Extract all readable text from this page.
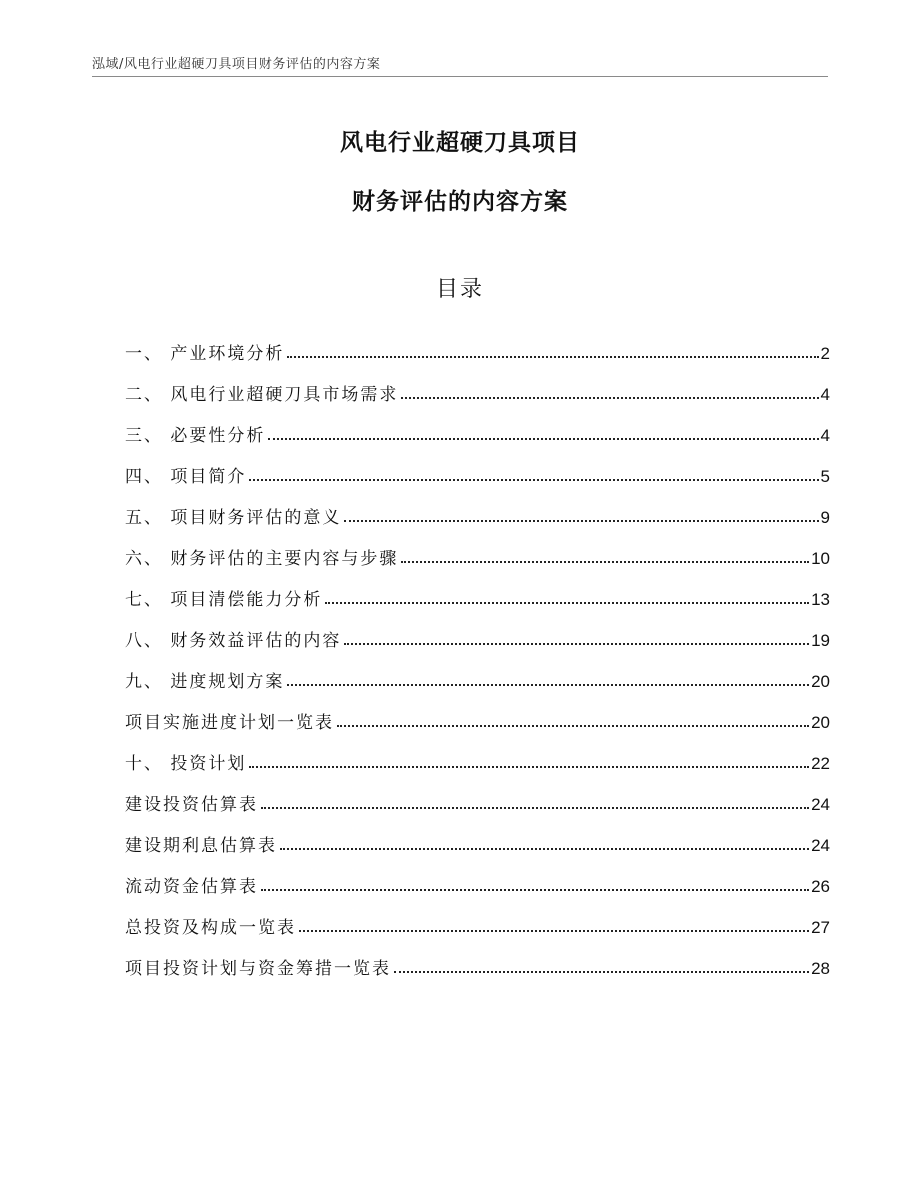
泓域/风电行业超硬刀具项目财务评估的内容方案
风电行业超硬刀具项目
财务评估的内容方案
目录
一、 产业环境分析	2
二、 风电行业超硬刀具市场需求	4
三、 必要性分析	4
四、 项目简介	5
五、 项目财务评估的意义	9
六、 财务评估的主要内容与步骤	10
七、 项目清偿能力分析	13
八、 财务效益评估的内容	19
九、 进度规划方案	20
项目实施进度计划一览表	20
十、 投资计划	22
建设投资估算表	24
建设期利息估算表	24
流动资金估算表	26
总投资及构成一览表	27
项目投资计划与资金筹措一览表	28
